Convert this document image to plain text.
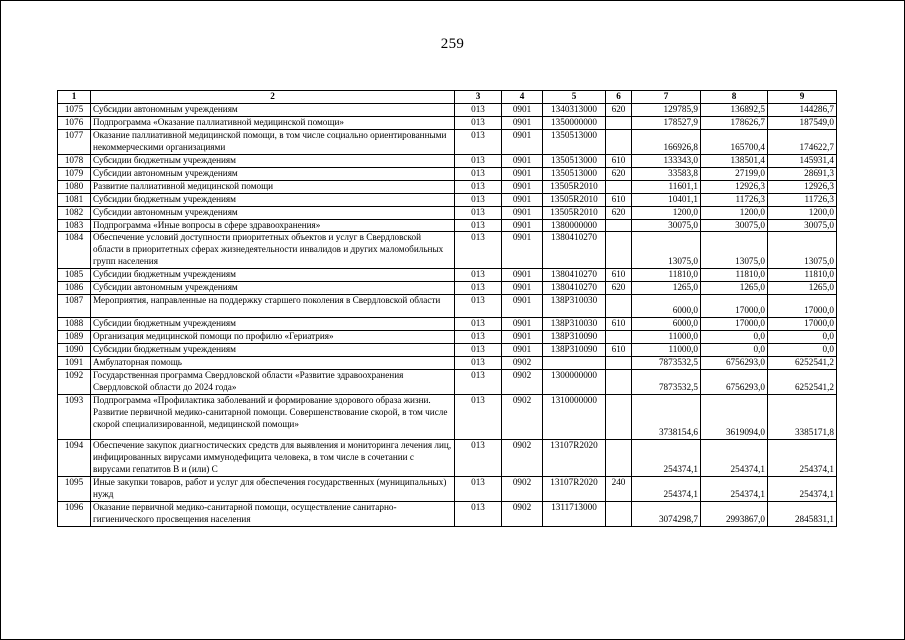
259
1	2	3	4	5	6	7	8	9
1075	Субсидии автономным учреждениям	013	0901	1340313000	620	129785,9	136892,5	144286,7
1076	Подпрограмма «Оказание паллиативной медицинской помощи»	013	0901	1350000000		178527,9	178626,7	187549,0
1077	Оказание паллиативной медицинской помощи, в том числе социально ориентированными некоммерческими организациями	013	0901	1350513000		166926,8	165700,4	174622,7
1078	Субсидии бюджетным учреждениям	013	0901	1350513000	610	133343,0	138501,4	145931,4
1079	Субсидии автономным учреждениям	013	0901	1350513000	620	33583,8	27199,0	28691,3
1080	Развитие паллиативной медицинской помощи	013	0901	13505R2010		11601,1	12926,3	12926,3
1081	Субсидии бюджетным учреждениям	013	0901	13505R2010	610	10401,1	11726,3	11726,3
1082	Субсидии автономным учреждениям	013	0901	13505R2010	620	1200,0	1200,0	1200,0
1083	Подпрограмма «Иные вопросы в сфере здравоохранения»	013	0901	1380000000		30075,0	30075,0	30075,0
1084	Обеспечение условий доступности приоритетных объектов и услуг в Свердловской области в приоритетных сферах жизнедеятельности инвалидов и других маломобильных групп населения	013	0901	1380410270		13075,0	13075,0	13075,0
1085	Субсидии бюджетным учреждениям	013	0901	1380410270	610	11810,0	11810,0	11810,0
1086	Субсидии автономным учреждениям	013	0901	1380410270	620	1265,0	1265,0	1265,0
1087	Мероприятия, направленные на поддержку старшего поколения в Свердловской области	013	0901	138P310030		6000,0	17000,0	17000,0
1088	Субсидии бюджетным учреждениям	013	0901	138P310030	610	6000,0	17000,0	17000,0
1089	Организация медицинской помощи по профилю «Гериатрия»	013	0901	138P310090		11000,0	0,0	0,0
1090	Субсидии бюджетным учреждениям	013	0901	138P310090	610	11000,0	0,0	0,0
1091	Амбулаторная помощь	013	0902			7873532,5	6756293,0	6252541,2
1092	Государственная программа Свердловской области «Развитие здравоохранения Свердловской области до 2024 года»	013	0902	1300000000		7873532,5	6756293,0	6252541,2
1093	Подпрограмма «Профилактика заболеваний и формирование здорового образа жизни. Развитие первичной медико-санитарной помощи. Совершенствование скорой, в том числе скорой специализированной, медицинской помощи»	013	0902	1310000000		3738154,6	3619094,0	3385171,8
1094	Обеспечение закупок диагностических средств для выявления и мониторинга лечения лиц, инфицированных вирусами иммунодефицита человека, в том числе в сочетании с вирусами гепатитов B и (или) C	013	0902	13107R2020		254374,1	254374,1	254374,1
1095	Иные закупки товаров, работ и услуг для обеспечения государственных (муниципальных) нужд	013	0902	13107R2020	240	254374,1	254374,1	254374,1
1096	Оказание первичной медико-санитарной помощи, осуществление санитарно-гигиенического просвещения населения	013	0902	1311713000		3074298,7	2993867,0	2845831,1
